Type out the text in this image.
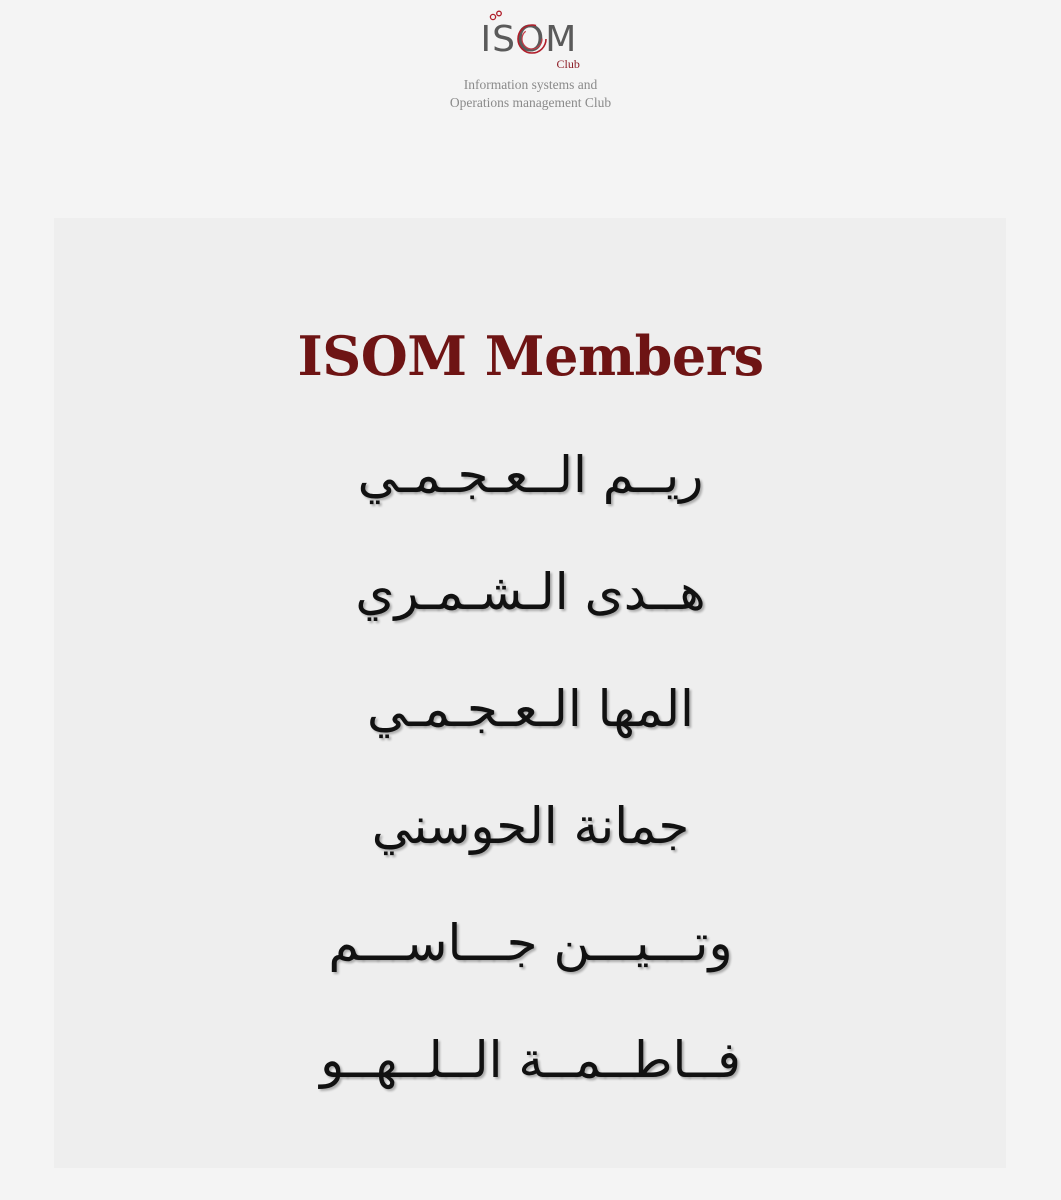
ISOM
Club
Information systems and
Operations management Club
ISOM Members
ريــم الــعـجـمـي
هــدى الـشـمـري
المها الـعـجـمـي
جمانة الحوسني
وتـــيـــن جـــاســـم
فــاطــمــة الــلــهــو
